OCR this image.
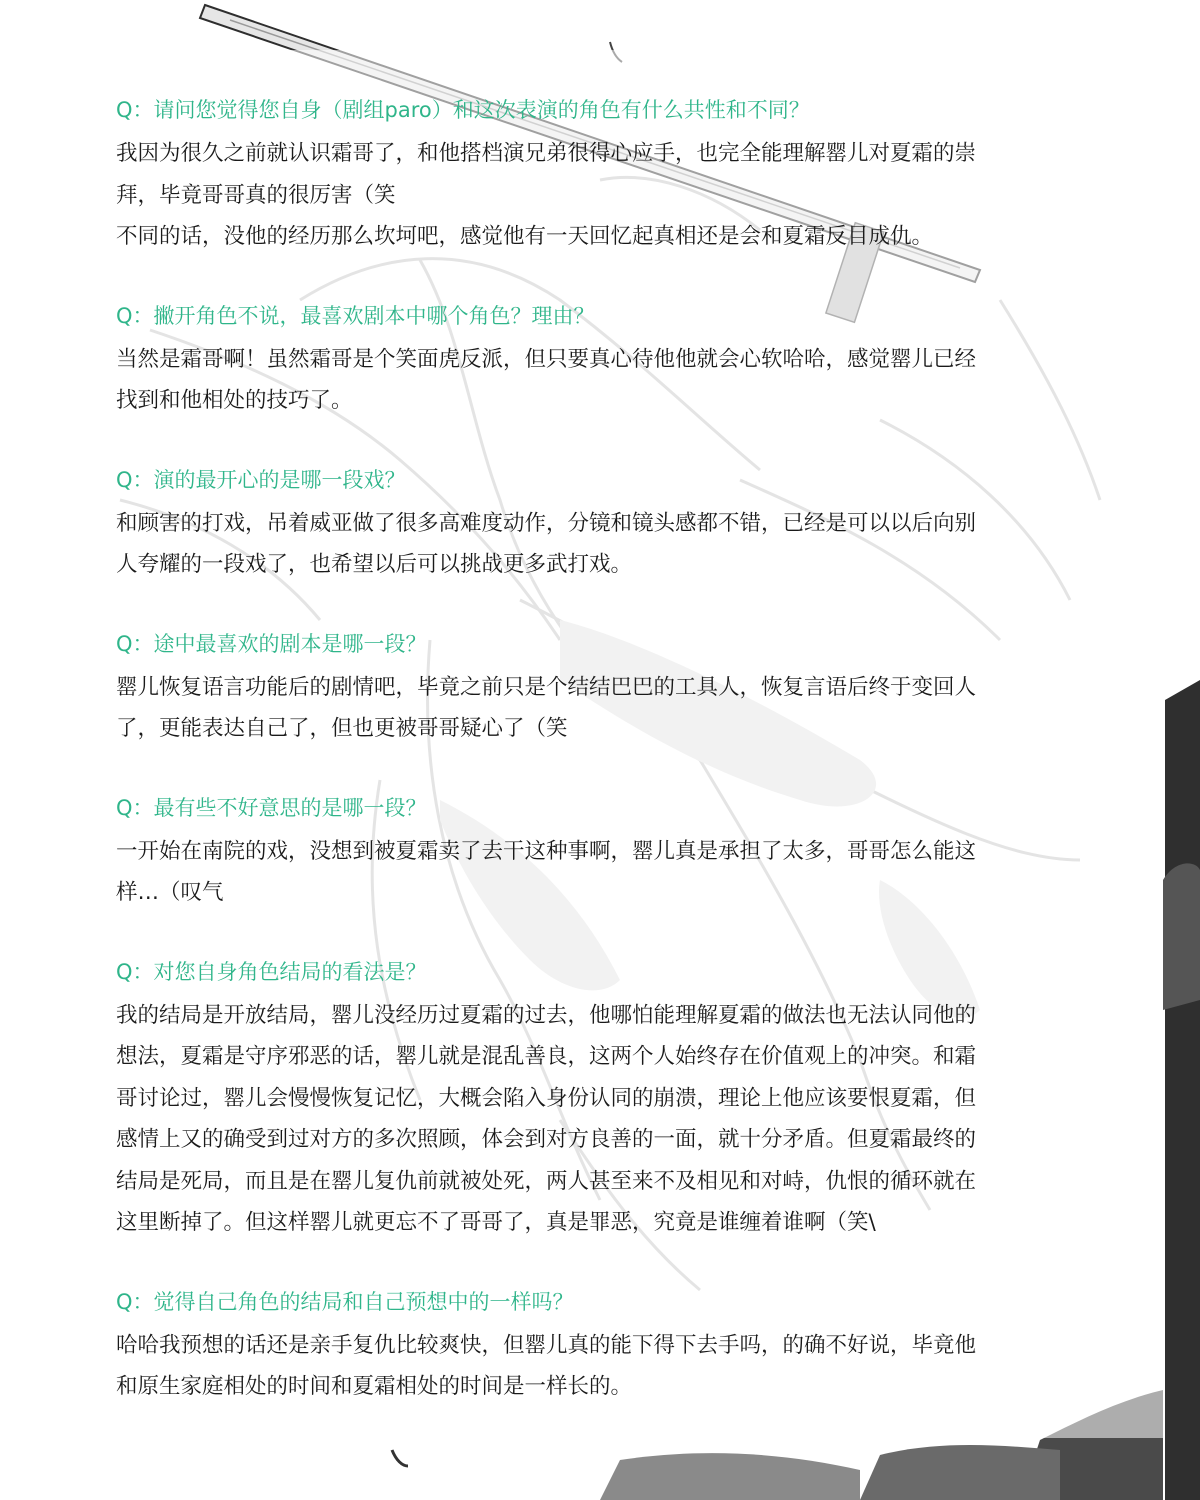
Q：请问您觉得您自身（剧组paro）和这次表演的角色有什么共性和不同？

我因为很久之前就认识霜哥了，和他搭档演兄弟很得心应手，也完全能理解罂儿对夏霜的崇
拜，毕竟哥哥真的很厉害（笑
不同的话，没他的经历那么坎坷吧，感觉他有一天回忆起真相还是会和夏霜反目成仇。

Q：撇开角色不说，最喜欢剧本中哪个角色？理由？

当然是霜哥啊！虽然霜哥是个笑面虎反派，但只要真心待他他就会心软哈哈，感觉罂儿已经
找到和他相处的技巧了。

Q：演的最开心的是哪一段戏？

和顾害的打戏，吊着威亚做了很多高难度动作，分镜和镜头感都不错，已经是可以以后向别
人夸耀的一段戏了，也希望以后可以挑战更多武打戏。

Q：途中最喜欢的剧本是哪一段？

罂儿恢复语言功能后的剧情吧，毕竟之前只是个结结巴巴的工具人，恢复言语后终于变回人
了，更能表达自己了，但也更被哥哥疑心了（笑

Q：最有些不好意思的是哪一段？

一开始在南院的戏，没想到被夏霜卖了去干这种事啊，罂儿真是承担了太多，哥哥怎么能这
样…（叹气

Q：对您自身角色结局的看法是？

我的结局是开放结局，罂儿没经历过夏霜的过去，他哪怕能理解夏霜的做法也无法认同他的
想法，夏霜是守序邪恶的话，罂儿就是混乱善良，这两个人始终存在价值观上的冲突。和霜
哥讨论过，罂儿会慢慢恢复记忆，大概会陷入身份认同的崩溃，理论上他应该要恨夏霜，但
感情上又的确受到过对方的多次照顾，体会到对方良善的一面，就十分矛盾。但夏霜最终的
结局是死局，而且是在罂儿复仇前就被处死，两人甚至来不及相见和对峙，仇恨的循环就在
这里断掉了。但这样罂儿就更忘不了哥哥了，真是罪恶，究竟是谁缠着谁啊（笑\

Q：觉得自己角色的结局和自己预想中的一样吗？

哈哈我预想的话还是亲手复仇比较爽快，但罂儿真的能下得下去手吗，的确不好说，毕竟他
和原生家庭相处的时间和夏霜相处的时间是一样长的。
